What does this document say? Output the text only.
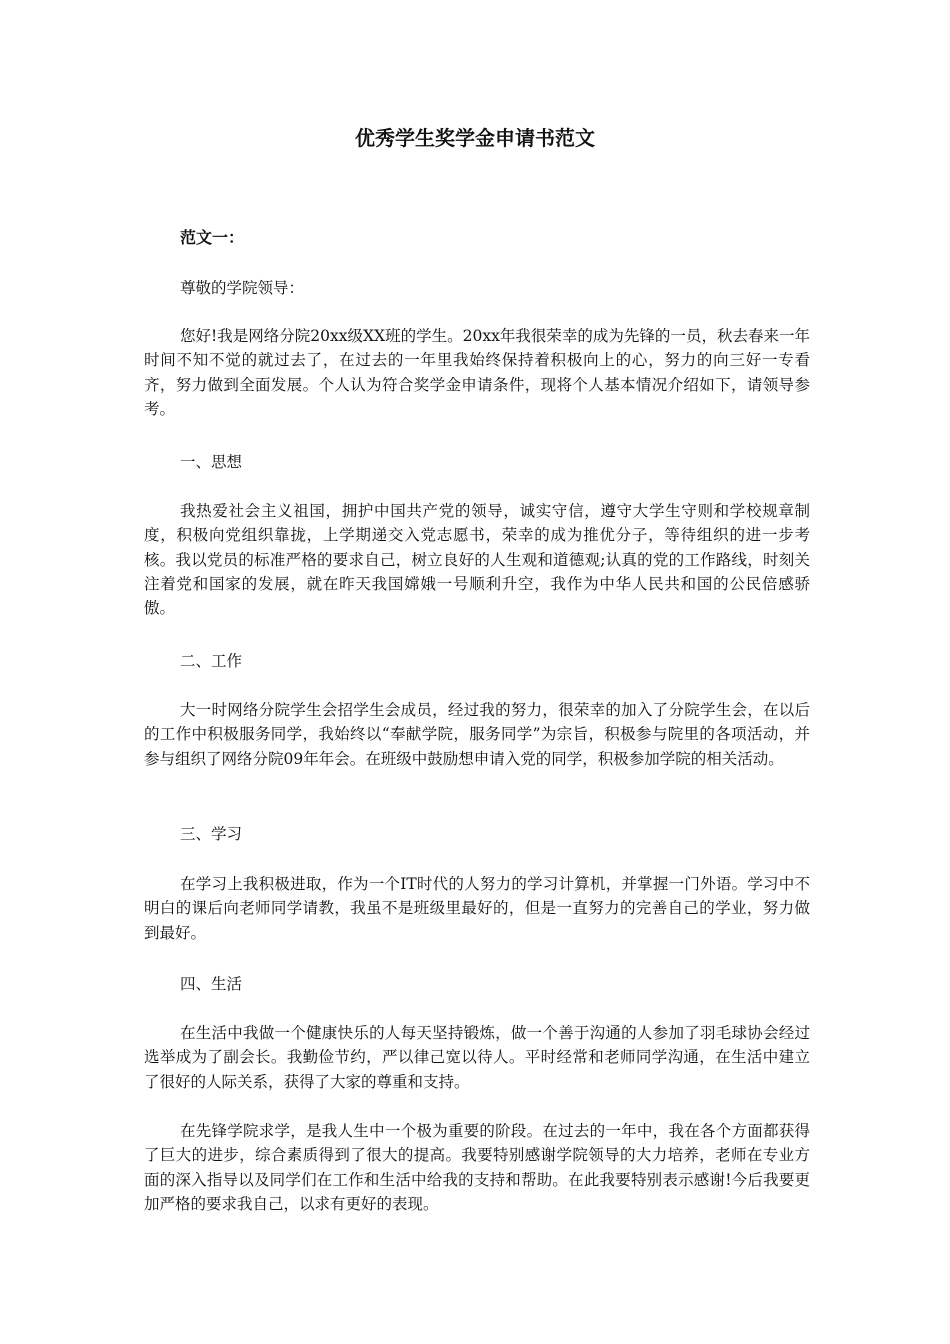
优秀学生奖学金申请书范文

范文一：

尊敬的学院领导：

您好!我是网络分院20xx级XX班的学生。20xx年我很荣幸的成为先锋的一员，秋去春来一年时间不知不觉的就过去了，在过去的一年里我始终保持着积极向上的心，努力的向三好一专看齐，努力做到全面发展。个人认为符合奖学金申请条件，现将个人基本情况介绍如下，请领导参考。

一、思想

我热爱社会主义祖国，拥护中国共产党的领导，诚实守信，遵守大学生守则和学校规章制度，积极向党组织靠拢，上学期递交入党志愿书，荣幸的成为推优分子，等待组织的进一步考核。我以党员的标准严格的要求自己，树立良好的人生观和道德观;认真的党的工作路线，时刻关注着党和国家的发展，就在昨天我国嫦娥一号顺利升空，我作为中华人民共和国的公民倍感骄傲。

二、工作

大一时网络分院学生会招学生会成员，经过我的努力，很荣幸的加入了分院学生会，在以后的工作中积极服务同学，我始终以“奉献学院，服务同学”为宗旨，积极参与院里的各项活动，并参与组织了网络分院09年年会。在班级中鼓励想申请入党的同学，积极参加学院的相关活动。

三、学习

在学习上我积极进取，作为一个IT时代的人努力的学习计算机，并掌握一门外语。学习中不明白的课后向老师同学请教，我虽不是班级里最好的，但是一直努力的完善自己的学业，努力做到最好。

四、生活

在生活中我做一个健康快乐的人每天坚持锻炼，做一个善于沟通的人参加了羽毛球协会经过选举成为了副会长。我勤俭节约，严以律己宽以待人。平时经常和老师同学沟通，在生活中建立了很好的人际关系，获得了大家的尊重和支持。

在先锋学院求学，是我人生中一个极为重要的阶段。在过去的一年中，我在各个方面都获得了巨大的进步，综合素质得到了很大的提高。我要特别感谢学院领导的大力培养，老师在专业方面的深入指导以及同学们在工作和生活中给我的支持和帮助。在此我要特别表示感谢!今后我要更加严格的要求我自己，以求有更好的表现。
